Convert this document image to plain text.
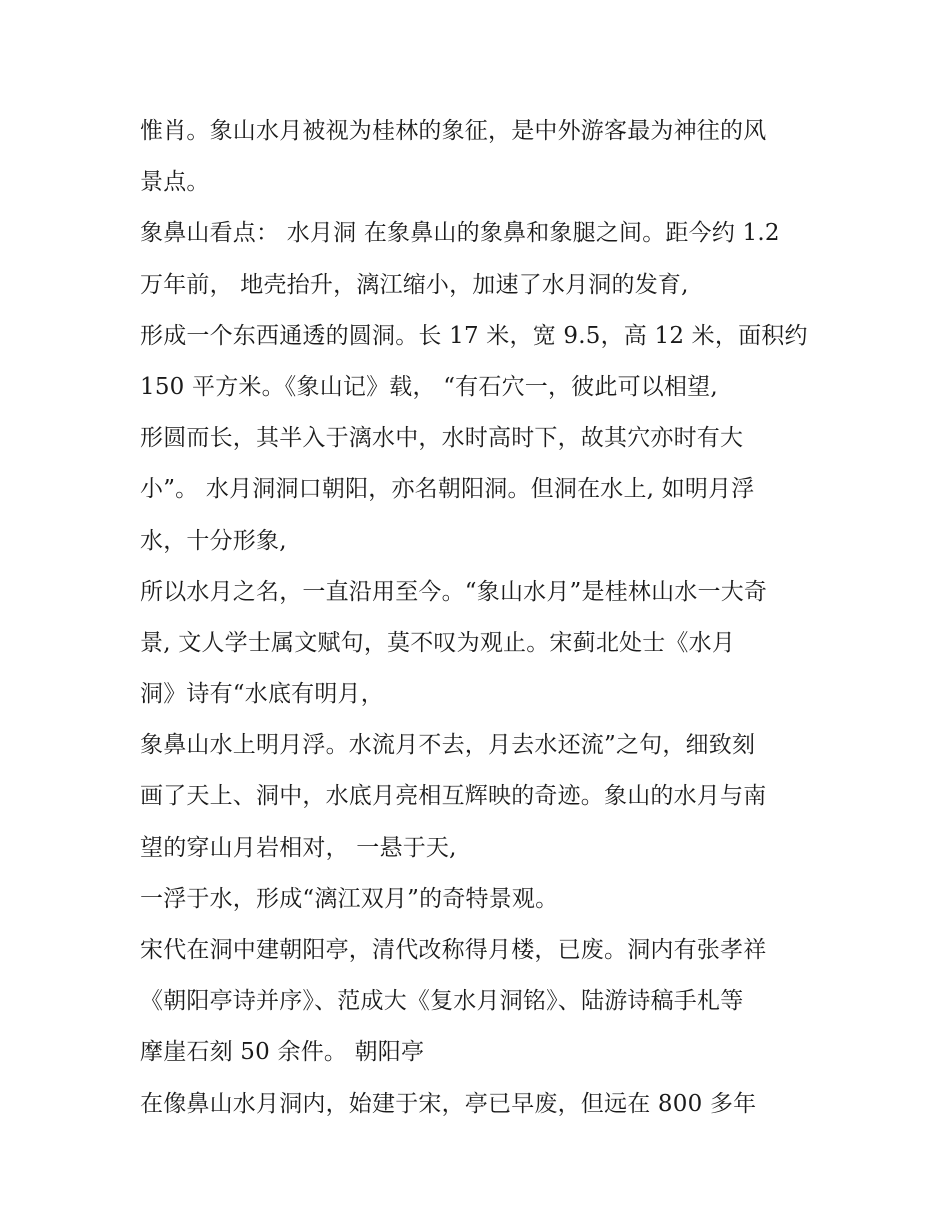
惟肖。象山水月被视为桂林的象征，是中外游客最为神往的风
景点。
象鼻山看点： 水月洞 在象鼻山的象鼻和象腿之间。距今约 1.2
万年前， 地壳抬升，漓江缩小，加速了水月洞的发育,
形成一个东西通透的圆洞。长 17 米，宽 9.5，高 12 米，面积约
150 平方米。《象山记》载， “有石穴一，彼此可以相望,
形圆而长，其半入于漓水中，水时高时下，故其穴亦时有大
小”。 水月洞洞口朝阳，亦名朝阳洞。但洞在水上, 如明月浮
水，十分形象,
所以水月之名，一直沿用至今。“象山水月”是桂林山水一大奇
景, 文人学士属文赋句，莫不叹为观止。宋蓟北处士《水月
洞》诗有“水底有明月，
象鼻山水上明月浮。水流月不去，月去水还流”之句，细致刻
画了天上、洞中，水底月亮相互辉映的奇迹。象山的水月与南
望的穿山月岩相对， 一悬于天,
一浮于水，形成“漓江双月”的奇特景观。
宋代在洞中建朝阳亭，清代改称得月楼，已废。洞内有张孝祥
《朝阳亭诗并序》、范成大《复水月洞铭》、陆游诗稿手札等
摩崖石刻 50 余件。 朝阳亭
在像鼻山水月洞内，始建于宋，亭已早废，但远在 800 多年
